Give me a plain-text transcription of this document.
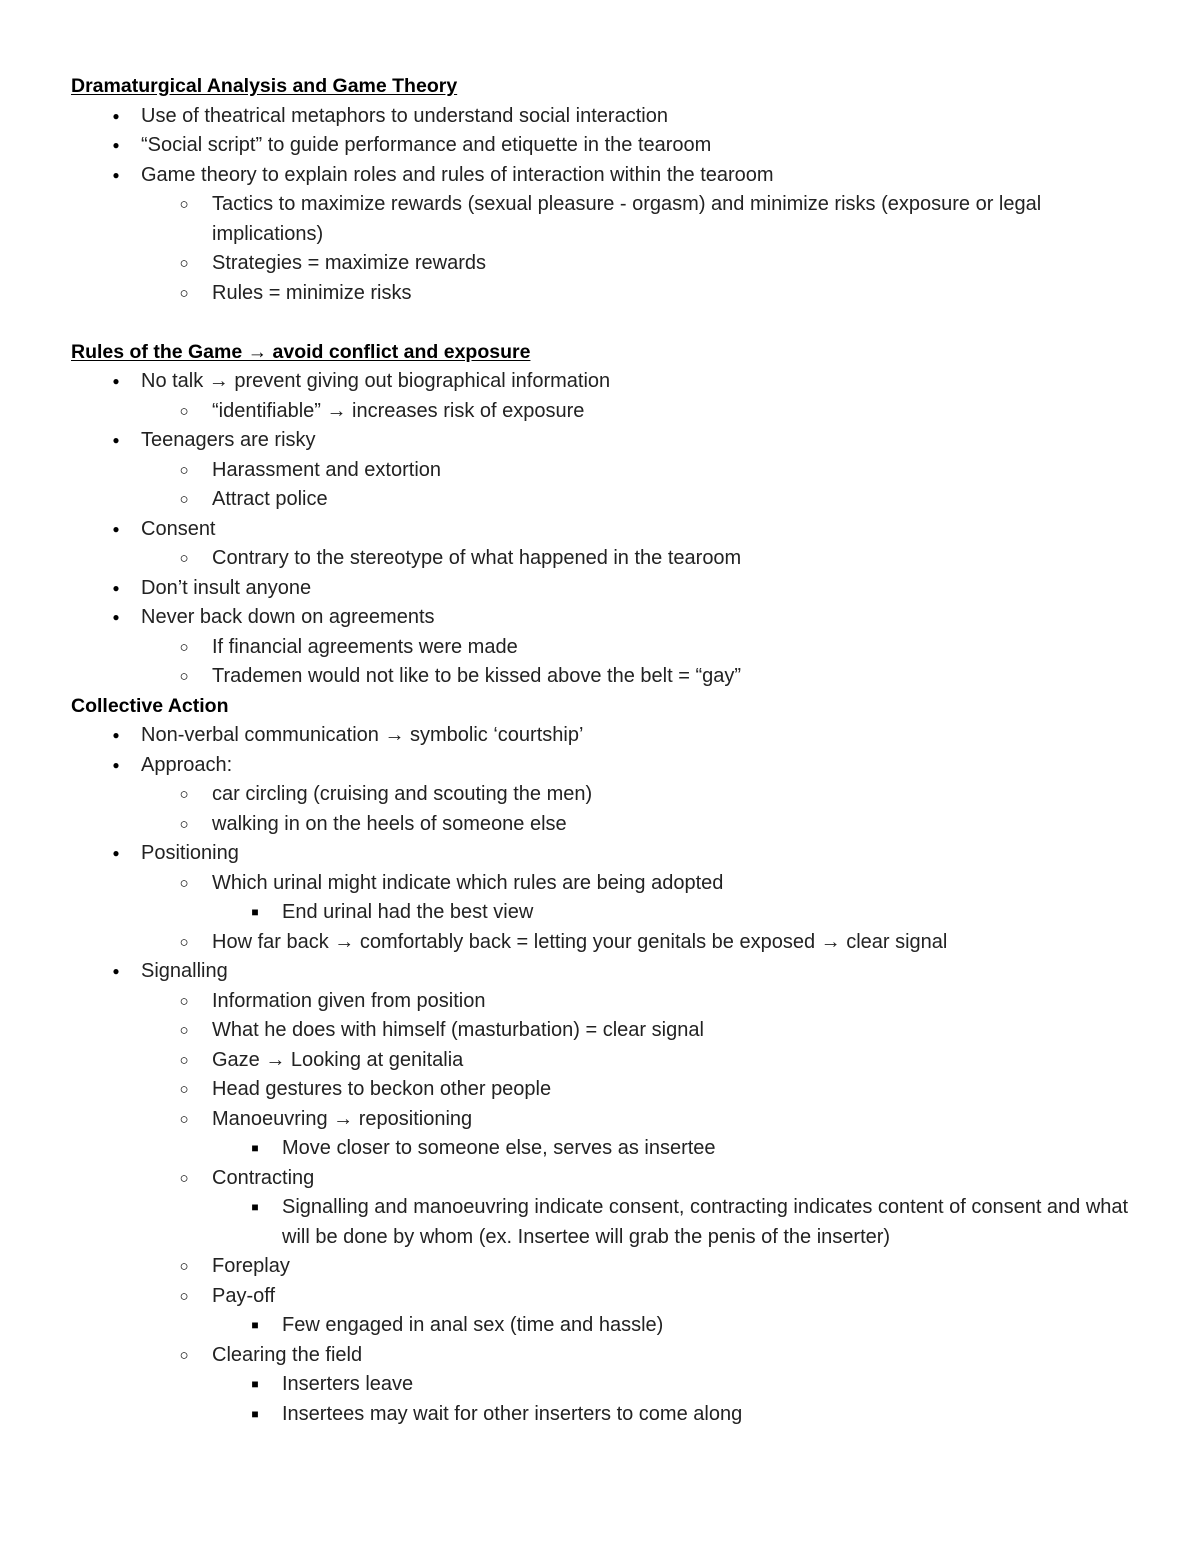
Dramaturgical Analysis and Game Theory
● Use of theatrical metaphors to understand social interaction
● “Social script” to guide performance and etiquette in the tearoom
● Game theory to explain roles and rules of interaction within the tearoom
○ Tactics to maximize rewards (sexual pleasure - orgasm) and minimize risks (exposure or legal implications)
○ Strategies = maximize rewards
○ Rules = minimize risks
Rules of the Game → avoid conflict and exposure
● No talk → prevent giving out biographical information
○ “identifiable” → increases risk of exposure
● Teenagers are risky
○ Harassment and extortion
○ Attract police
● Consent
○ Contrary to the stereotype of what happened in the tearoom
● Don’t insult anyone
● Never back down on agreements
○ If financial agreements were made
○ Trademen would not like to be kissed above the belt = “gay”
Collective Action
● Non-verbal communication → symbolic ‘courtship’
● Approach:
○ car circling (cruising and scouting the men)
○ walking in on the heels of someone else
● Positioning
○ Which urinal might indicate which rules are being adopted
■ End urinal had the best view
○ How far back → comfortably back = letting your genitals be exposed → clear signal
● Signalling
○ Information given from position
○ What he does with himself (masturbation) = clear signal
○ Gaze → Looking at genitalia
○ Head gestures to beckon other people
○ Manoeuvring → repositioning
■ Move closer to someone else, serves as insertee
○ Contracting
■ Signalling and manoeuvring indicate consent, contracting indicates content of consent and what will be done by whom (ex. Insertee will grab the penis of the inserter)
○ Foreplay
○ Pay-off
■ Few engaged in anal sex (time and hassle)
○ Clearing the field
■ Inserters leave
■ Insertees may wait for other inserters to come along
